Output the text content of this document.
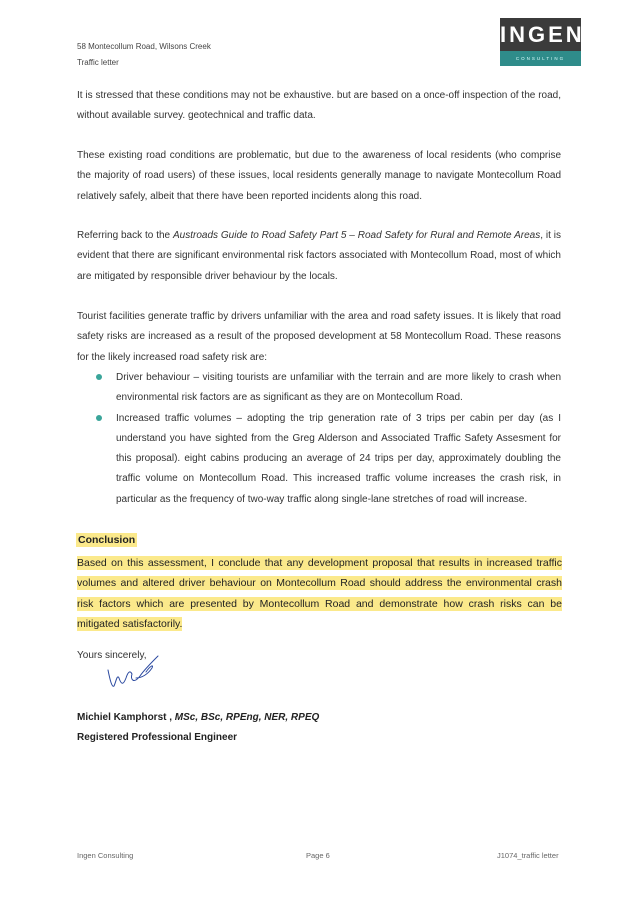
58 Montecollum Road, Wilsons Creek
Traffic letter
INGEN
CONSULTING
It is stressed that these conditions may not be exhaustive. but are based on a once-off inspection of the road, without available survey. geotechnical and traffic data.
These existing road conditions are problematic, but due to the awareness of local residents (who comprise the majority of road users) of these issues, local residents generally manage to navigate Montecollum Road relatively safely, albeit that there have been reported incidents along this road.
Referring back to the Austroads Guide to Road Safety Part 5 – Road Safety for Rural and Remote Areas, it is evident that there are significant environmental risk factors associated with Montecollum Road, most of which are mitigated by responsible driver behaviour by the locals.
Tourist facilities generate traffic by drivers unfamiliar with the area and road safety issues. It is likely that road safety risks are increased as a result of the proposed development at 58 Montecollum Road. These reasons for the likely increased road safety risk are:
Driver behaviour – visiting tourists are unfamiliar with the terrain and are more likely to crash when environmental risk factors are as significant as they are on Montecollum Road.
Increased traffic volumes – adopting the trip generation rate of 3 trips per cabin per day (as I understand you have sighted from the Greg Alderson and Associated Traffic Safety Assesment for this proposal). eight cabins producing an average of 24 trips per day, approximately doubling the traffic volume on Montecollum Road. This increased traffic volume increases the crash risk, in particular as the frequency of two-way traffic along single-lane stretches of road will increase.
Conclusion
Based on this assessment, I conclude that any development proposal that results in increased traffic volumes and altered driver behaviour on Montecollum Road should address the environmental crash risk factors which are presented by Montecollum Road and demonstrate how crash risks can be mitigated satisfactorily.
Yours sincerely,
Michiel Kamphorst , MSc, BSc, RPEng, NER, RPEQ
Registered Professional Engineer
Ingen Consulting	Page 6	J1074_traffic letter
